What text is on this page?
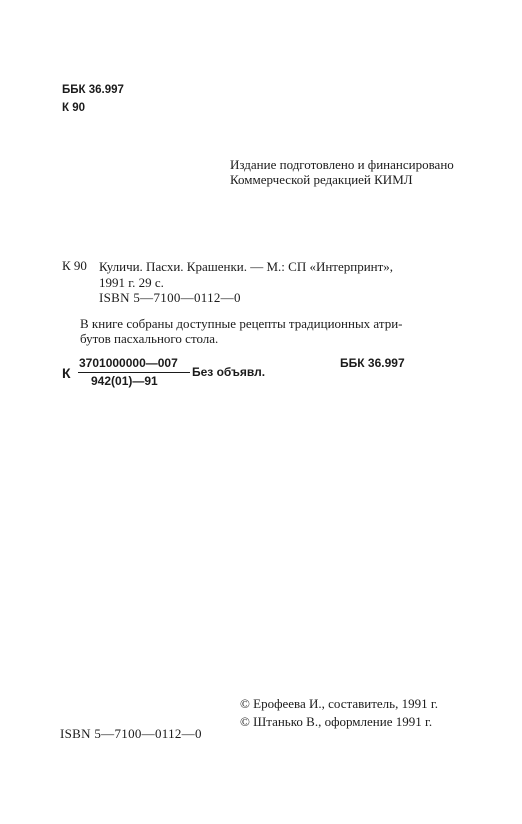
ББК 36.997
К 90
Издание подготовлено и финансировано
Коммерческой редакцией КИМЛ
К 90 Куличи. Пасхи. Крашенки. — М.: СП «Интерпринт»,
1991 г. 29 с.
ISBN 5—7100—0112—0
В книге собраны доступные рецепты традиционных атри-
бутов пасхального стола.
К
3701000000—007
942(01)—91
Без объявл.
ББК 36.997
© Ерофеева И., составитель, 1991 г.
© Штанько В., оформление 1991 г.
ISBN 5—7100—0112—0
